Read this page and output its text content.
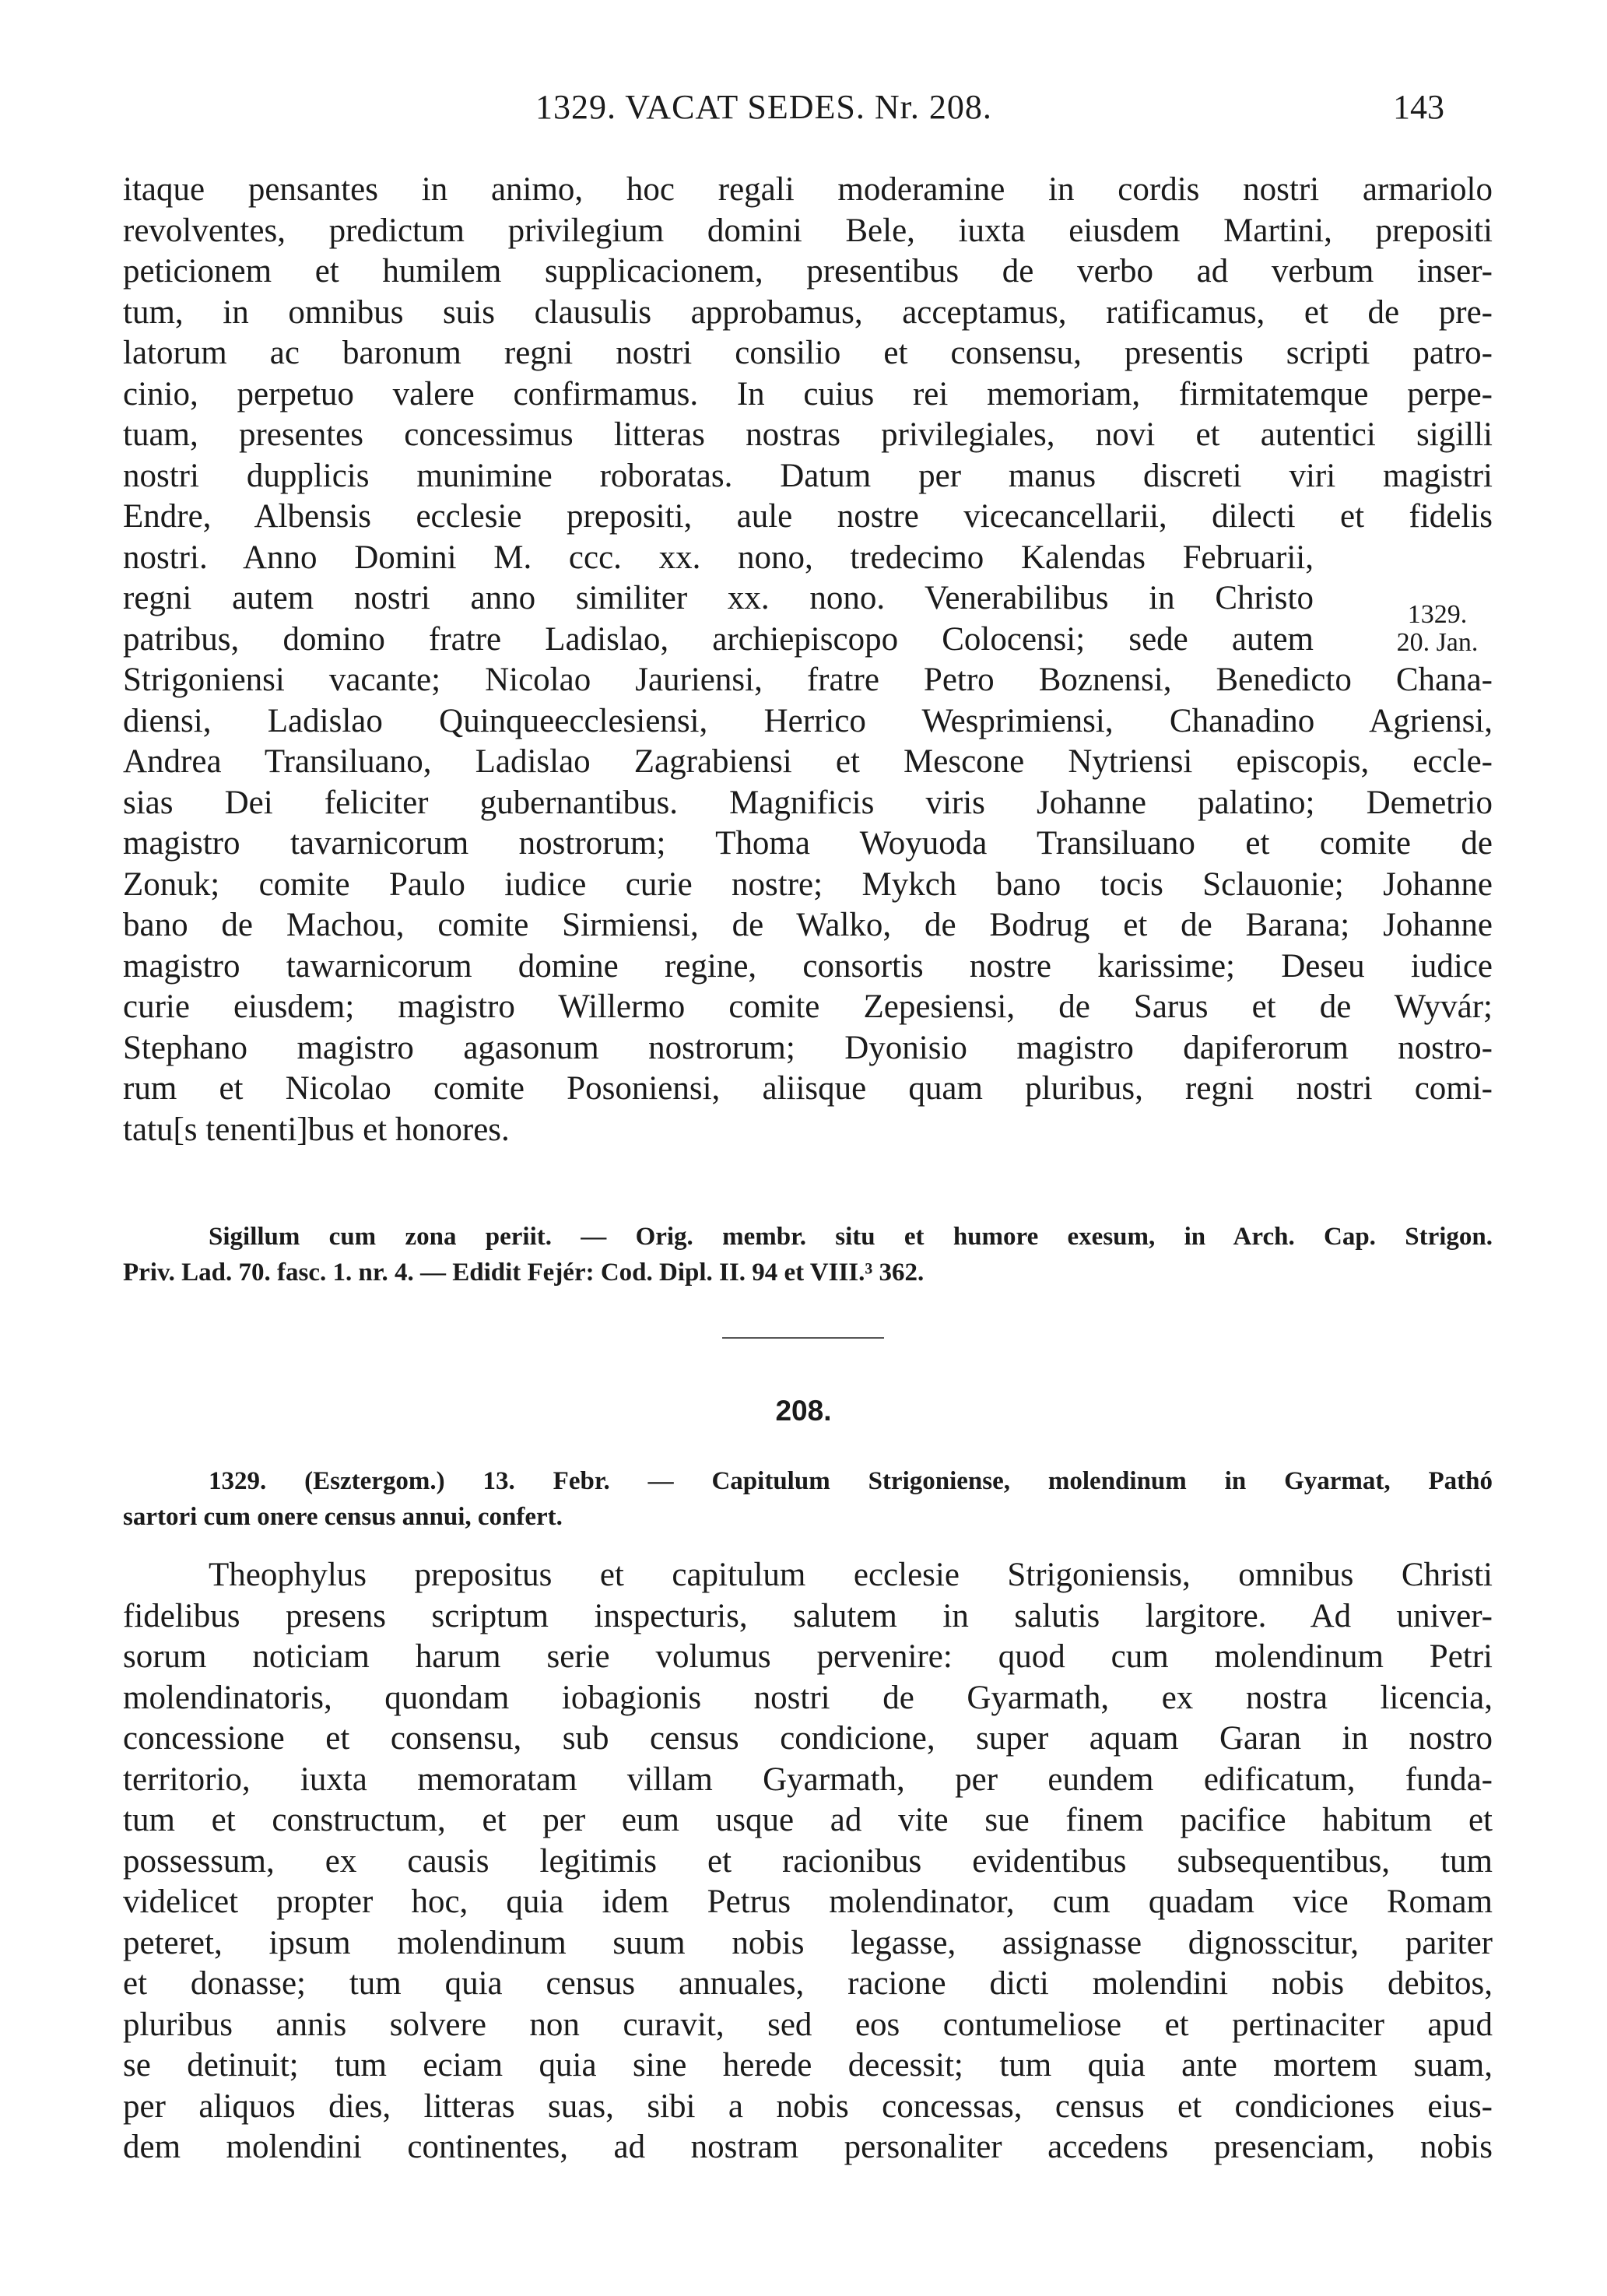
1329. VACAT SEDES. Nr. 208.	143
itaque pensantes in animo, hoc regali moderamine in cordis nostri armariolo
revolventes, predictum privilegium domini Bele, iuxta eiusdem Martini, prepositi
peticionem et humilem supplicacionem, presentibus de verbo ad verbum inser-
tum, in omnibus suis clausulis approbamus, acceptamus, ratificamus, et de pre-
latorum ac baronum regni nostri consilio et consensu, presentis scripti patro-
cinio, perpetuo valere confirmamus. In cuius rei memoriam, firmitatemque perpe-
tuam, presentes concessimus litteras nostras privilegiales, novi et autentici sigilli
nostri dupplicis munimine roboratas. Datum per manus discreti viri magistri
Endre, Albensis ecclesie prepositi, aule nostre vicecancellarii, dilecti et fidelis
nostri. Anno Domini M. ccc. xx. nono, tredecimo Kalendas Februarii,
regni autem nostri anno similiter xx. nono. Venerabilibus in Christo
patribus, domino fratre Ladislao, archiepiscopo Colocensi; sede autem
Strigoniensi vacante; Nicolao Jauriensi, fratre Petro Boznensi, Benedicto Chana-
diensi, Ladislao Quinqueecclesiensi, Herrico Wesprimiensi, Chanadino Agriensi,
Andrea Transiluano, Ladislao Zagrabiensi et Mescone Nytriensi episcopis, eccle-
sias Dei feliciter gubernantibus. Magnificis viris Johanne palatino; Demetrio
magistro tavarnicorum nostrorum; Thoma Woyuoda Transiluano et comite de
Zonuk; comite Paulo iudice curie nostre; Mykch bano tocis Sclauonie; Johanne
bano de Machou, comite Sirmiensi, de Walko, de Bodrug et de Barana; Johanne
magistro tawarnicorum domine regine, consortis nostre karissime; Deseu iudice
curie eiusdem; magistro Willermo comite Zepesiensi, de Sarus et de Wyvár;
Stephano magistro agasonum nostrorum; Dyonisio magistro dapiferorum nostro-
rum et Nicolao comite Posoniensi, aliisque quam pluribus, regni nostri comi-
tatu[s tenenti]bus et honores.
1329.
20. Jan.
Sigillum cum zona periit. — Orig. membr. situ et humore exesum, in Arch. Cap. Strigon.
Priv. Lad. 70. fasc. 1. nr. 4. — Edidit Fejér: Cod. Dipl. II. 94 et VIII.³ 362.
208.
1329. (Esztergom.) 13. Febr. — Capitulum Strigoniense, molendinum in Gyarmat, Pathó
sartori cum onere census annui, confert.
Theophylus prepositus et capitulum ecclesie Strigoniensis, omnibus Christi
fidelibus presens scriptum inspecturis, salutem in salutis largitore. Ad univer-
sorum noticiam harum serie volumus pervenire: quod cum molendinum Petri
molendinatoris, quondam iobagionis nostri de Gyarmath, ex nostra licencia,
concessione et consensu, sub census condicione, super aquam Garan in nostro
territorio, iuxta memoratam villam Gyarmath, per eundem edificatum, funda-
tum et constructum, et per eum usque ad vite sue finem pacifice habitum et
possessum, ex causis legitimis et racionibus evidentibus subsequentibus, tum
videlicet propter hoc, quia idem Petrus molendinator, cum quadam vice Romam
peteret, ipsum molendinum suum nobis legasse, assignasse dignosscitur, pariter
et donasse; tum quia census annuales, racione dicti molendini nobis debitos,
pluribus annis solvere non curavit, sed eos contumeliose et pertinaciter apud
se detinuit; tum eciam quia sine herede decessit; tum quia ante mortem suam,
per aliquos dies, litteras suas, sibi a nobis concessas, census et condiciones eius-
dem molendini continentes, ad nostram personaliter accedens presenciam, nobis
